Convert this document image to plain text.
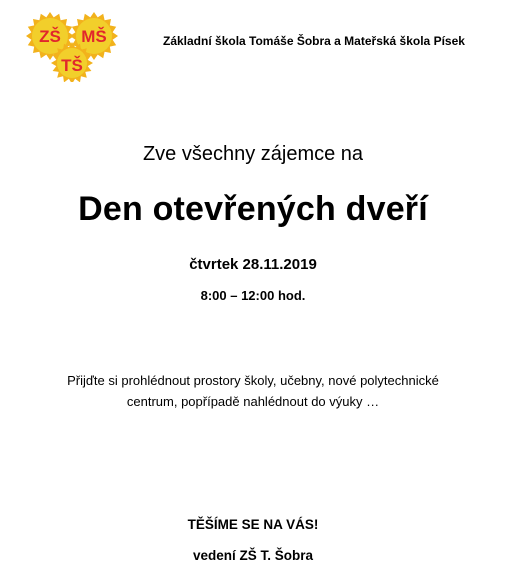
ZŠ MŠ
TŠ
Základní škola Tomáše Šobra a Mateřská škola Písek
Zve všechny zájemce na
Den otevřených dveří
čtvrtek 28.11.2019
8:00 – 12:00 hod.
Přijďte si prohlédnout prostory školy, učebny, nové polytechnické
centrum, popřípadě nahlédnout do výuky …
TĚŠÍME SE NA VÁS!
vedení ZŠ T. Šobra
